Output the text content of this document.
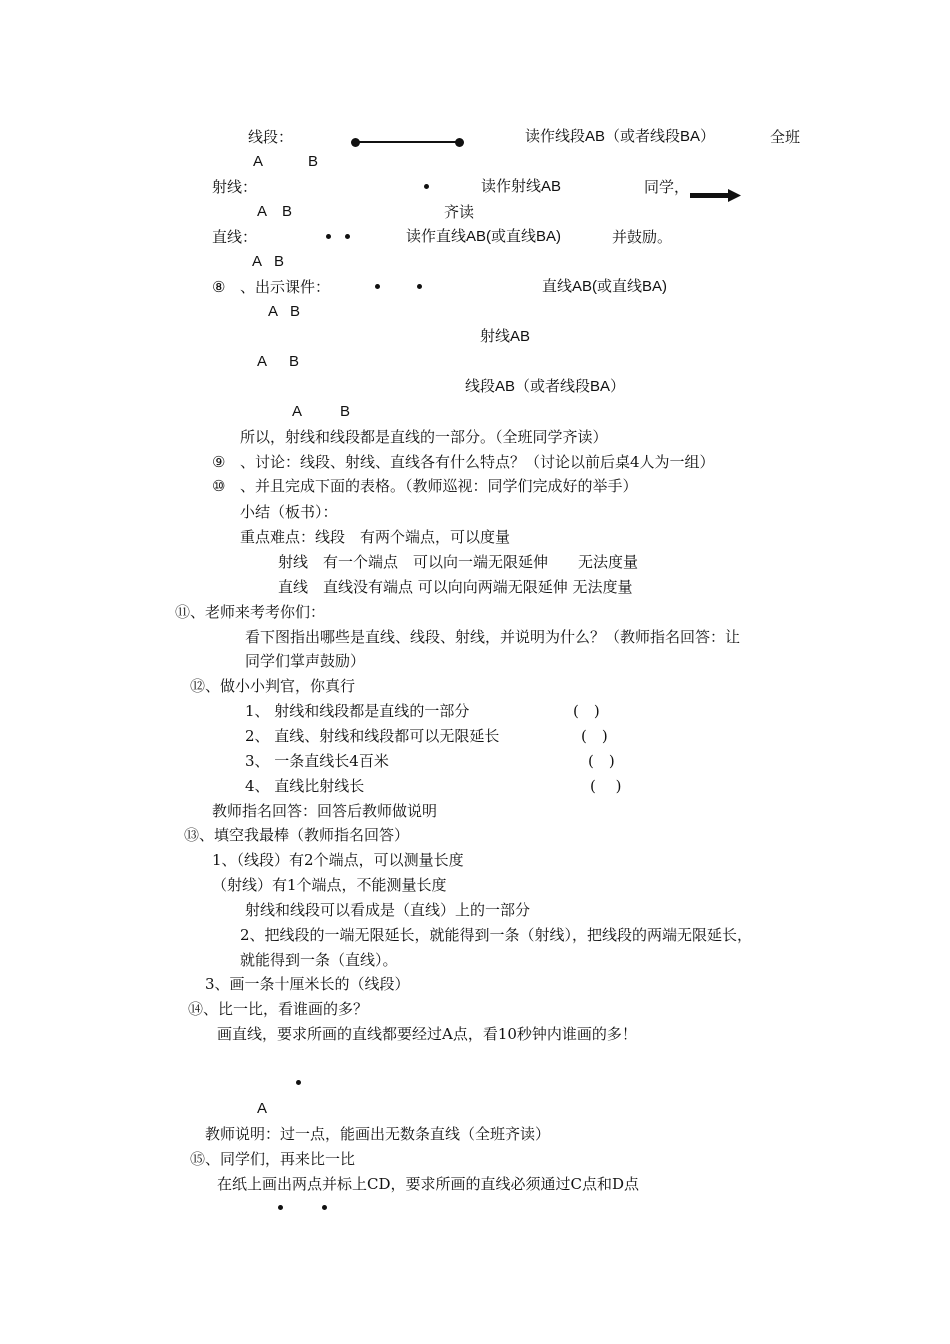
线段：	读作线段AB（或者线段BA）	全班
A	B
射线：	读作射线AB	同学，
A B	齐读
直线：	读作直线AB(或直线BA)	并鼓励。
A B
⑧ 、出示课件：	直线AB(或直线BA)
A B
射线AB
A B
线段AB（或者线段BA）
A	B
所以，射线和线段都是直线的一部分。（全班同学齐读）
⑨ 、讨论：线段、射线、直线各有什么特点？（讨论以前后桌4人为一组）
⑩ 、并且完成下面的表格。（教师巡视：同学们完成好的举手）
小结（板书）：
重点难点：线段　有两个端点，可以度量
射线　有一个端点　可以向一端无限延伸　　无法度量
直线　直线没有端点 可以向向两端无限延伸 无法度量
⑪、老师来考考你们：
看下图指出哪些是直线、线段、射线，并说明为什么？（教师指名回答：让
同学们掌声鼓励）
⑫、做小小判官，你真行
1、 射线和线段都是直线的一部分	(　)
2、 直线、射线和线段都可以无限延长	(　)
3、 一条直线长4百米	(　)
4、 直线比射线长	(　 )
教师指名回答：回答后教师做说明
⑬、填空我最棒（教师指名回答）
1、（线段）有2个端点，可以测量长度
（射线）有1个端点，不能测量长度
射线和线段可以看成是（直线）上的一部分
2、把线段的一端无限延长，就能得到一条（射线），把线段的两端无限延长，
就能得到一条（直线）。
3、画一条十厘米长的（线段）
⑭、比一比，看谁画的多？
画直线，要求所画的直线都要经过A点，看10秒钟内谁画的多！
A
教师说明：过一点，能画出无数条直线（全班齐读）
⑮、同学们，再来比一比
在纸上画出两点并标上CD，要求所画的直线必须通过C点和D点
